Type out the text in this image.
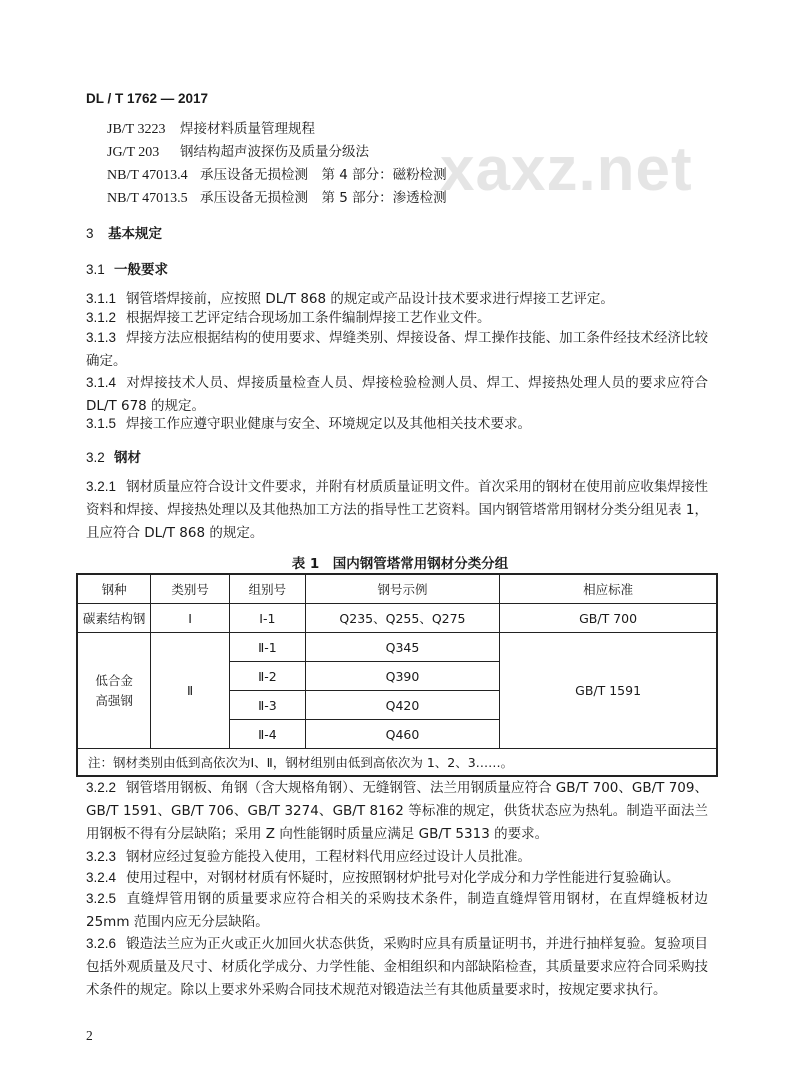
DL / T 1762 — 2017
xaxz.net
JB/T 3223 焊接材料质量管理规程
JG/T 203 钢结构超声波探伤及质量分级法
NB/T 47013.4 承压设备无损检测　第 4 部分：磁粉检测
NB/T 47013.5 承压设备无损检测　第 5 部分：渗透检测
3 基本规定
3.1 一般要求
3.1.1 钢管塔焊接前，应按照 DL/T 868 的规定或产品设计技术要求进行焊接工艺评定。
3.1.2 根据焊接工艺评定结合现场加工条件编制焊接工艺作业文件。
3.1.3 焊接方法应根据结构的使用要求、焊缝类别、焊接设备、焊工操作技能、加工条件经技术经济比较确定。
3.1.4 对焊接技术人员、焊接质量检查人员、焊接检验检测人员、焊工、焊接热处理人员的要求应符合 DL/T 678 的规定。
3.1.5 焊接工作应遵守职业健康与安全、环境规定以及其他相关技术要求。
3.2 钢材
3.2.1 钢材质量应符合设计文件要求，并附有材质质量证明文件。首次采用的钢材在使用前应收集焊接性资料和焊接、焊接热处理以及其他热加工方法的指导性工艺资料。国内钢管塔常用钢材分类分组见表 1，且应符合 DL/T 868 的规定。
表 1　国内钢管塔常用钢材分类分组
钢种	类别号	组别号	钢号示例	相应标准
碳素结构钢	Ⅰ	Ⅰ-1	Q235、Q255、Q275	GB/T 700
低合金
高强钢	Ⅱ	Ⅱ-1	Q345	GB/T 1591
		Ⅱ-2	Q390	
		Ⅱ-3	Q420	
		Ⅱ-4	Q460	
注：钢材类别由低到高依次为Ⅰ、Ⅱ，钢材组别由低到高依次为 1、2、3……。				
3.2.2 钢管塔用钢板、角钢（含大规格角钢）、无缝钢管、法兰用钢质量应符合 GB/T 700、GB/T 709、GB/T 1591、GB/T 706、GB/T 3274、GB/T 8162 等标准的规定，供货状态应为热轧。制造平面法兰用钢板不得有分层缺陷；采用 Z 向性能钢时质量应满足 GB/T 5313 的要求。
3.2.3 钢材应经过复验方能投入使用，工程材料代用应经过设计人员批准。
3.2.4 使用过程中，对钢材材质有怀疑时，应按照钢材炉批号对化学成分和力学性能进行复验确认。
3.2.5 直缝焊管用钢的质量要求应符合相关的采购技术条件，制造直缝焊管用钢材，在直焊缝板材边 25mm 范围内应无分层缺陷。
3.2.6 锻造法兰应为正火或正火加回火状态供货，采购时应具有质量证明书，并进行抽样复验。复验项目包括外观质量及尺寸、材质化学成分、力学性能、金相组织和内部缺陷检查，其质量要求应符合同采购技术条件的规定。除以上要求外采购合同技术规范对锻造法兰有其他质量要求时，按规定要求执行。
2
